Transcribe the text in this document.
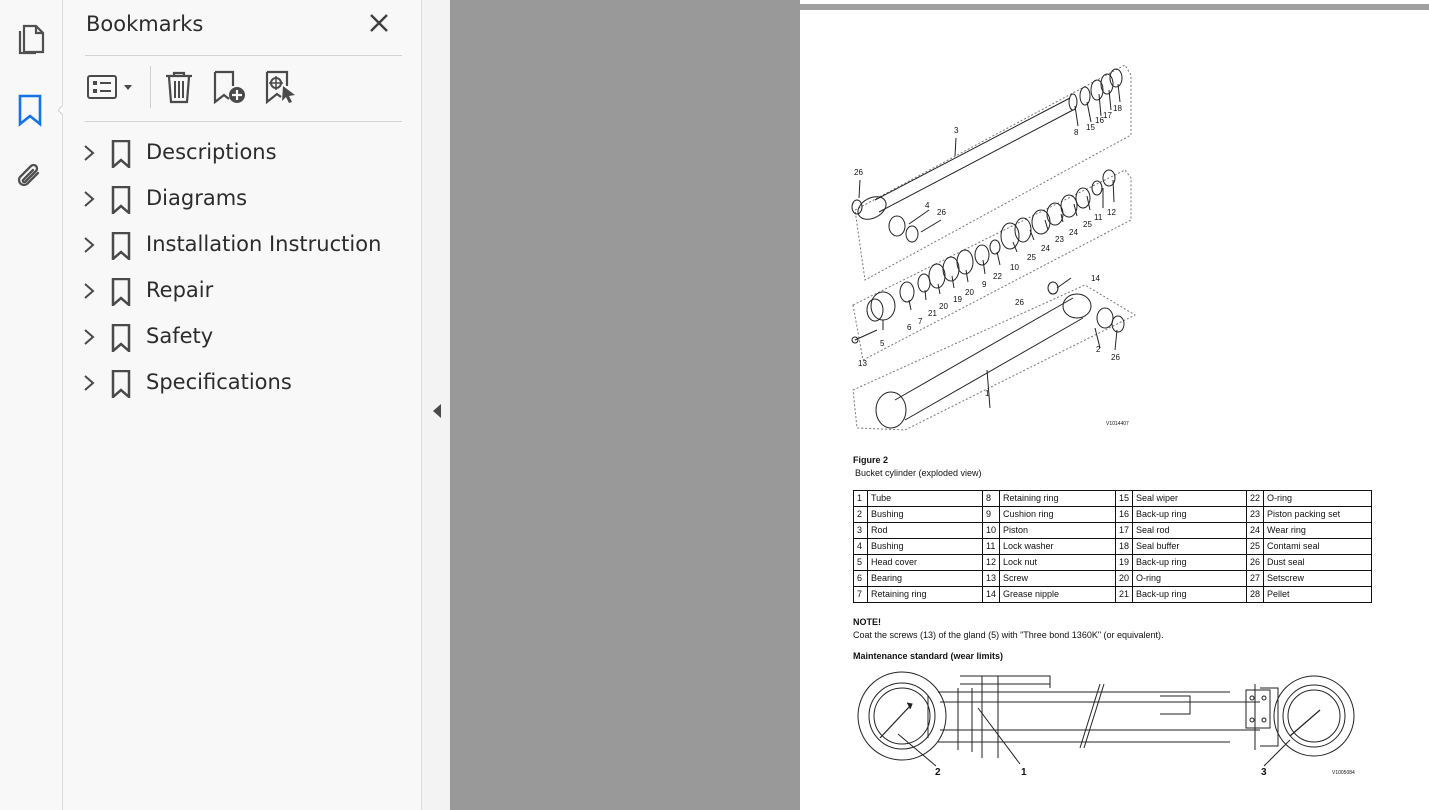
Bookmarks
Descriptions
Diagrams
Installation Instruction
Repair
Safety
Specifications
3
26
4
26
8
15
16
17
18
12
11
25
24
23
24
25
10
22
9
20
19
20
21
7
6
5
13
14
26
2
26
1
V1014407
Figure 2
Bucket cylinder (exploded view)
1	Tube	8	Retaining ring	15	Seal wiper	22	O-ring
2	Bushing	9	Cushion ring	16	Back-up ring	23	Piston packing set
3	Rod	10	Piston	17	Seal rod	24	Wear ring
4	Bushing	11	Lock washer	18	Seal buffer	25	Contami seal
5	Head cover	12	Lock nut	19	Back-up ring	26	Dust seal
6	Bearing	13	Screw	20	O-ring	27	Setscrew
7	Retaining ring	14	Grease nipple	21	Back-up ring	28	Pellet
NOTE!
Coat the screws (13) of the gland (5) with "Three bond 1360K" (or equivalent).
Maintenance standard (wear limits)
2	1	3	V1005084
